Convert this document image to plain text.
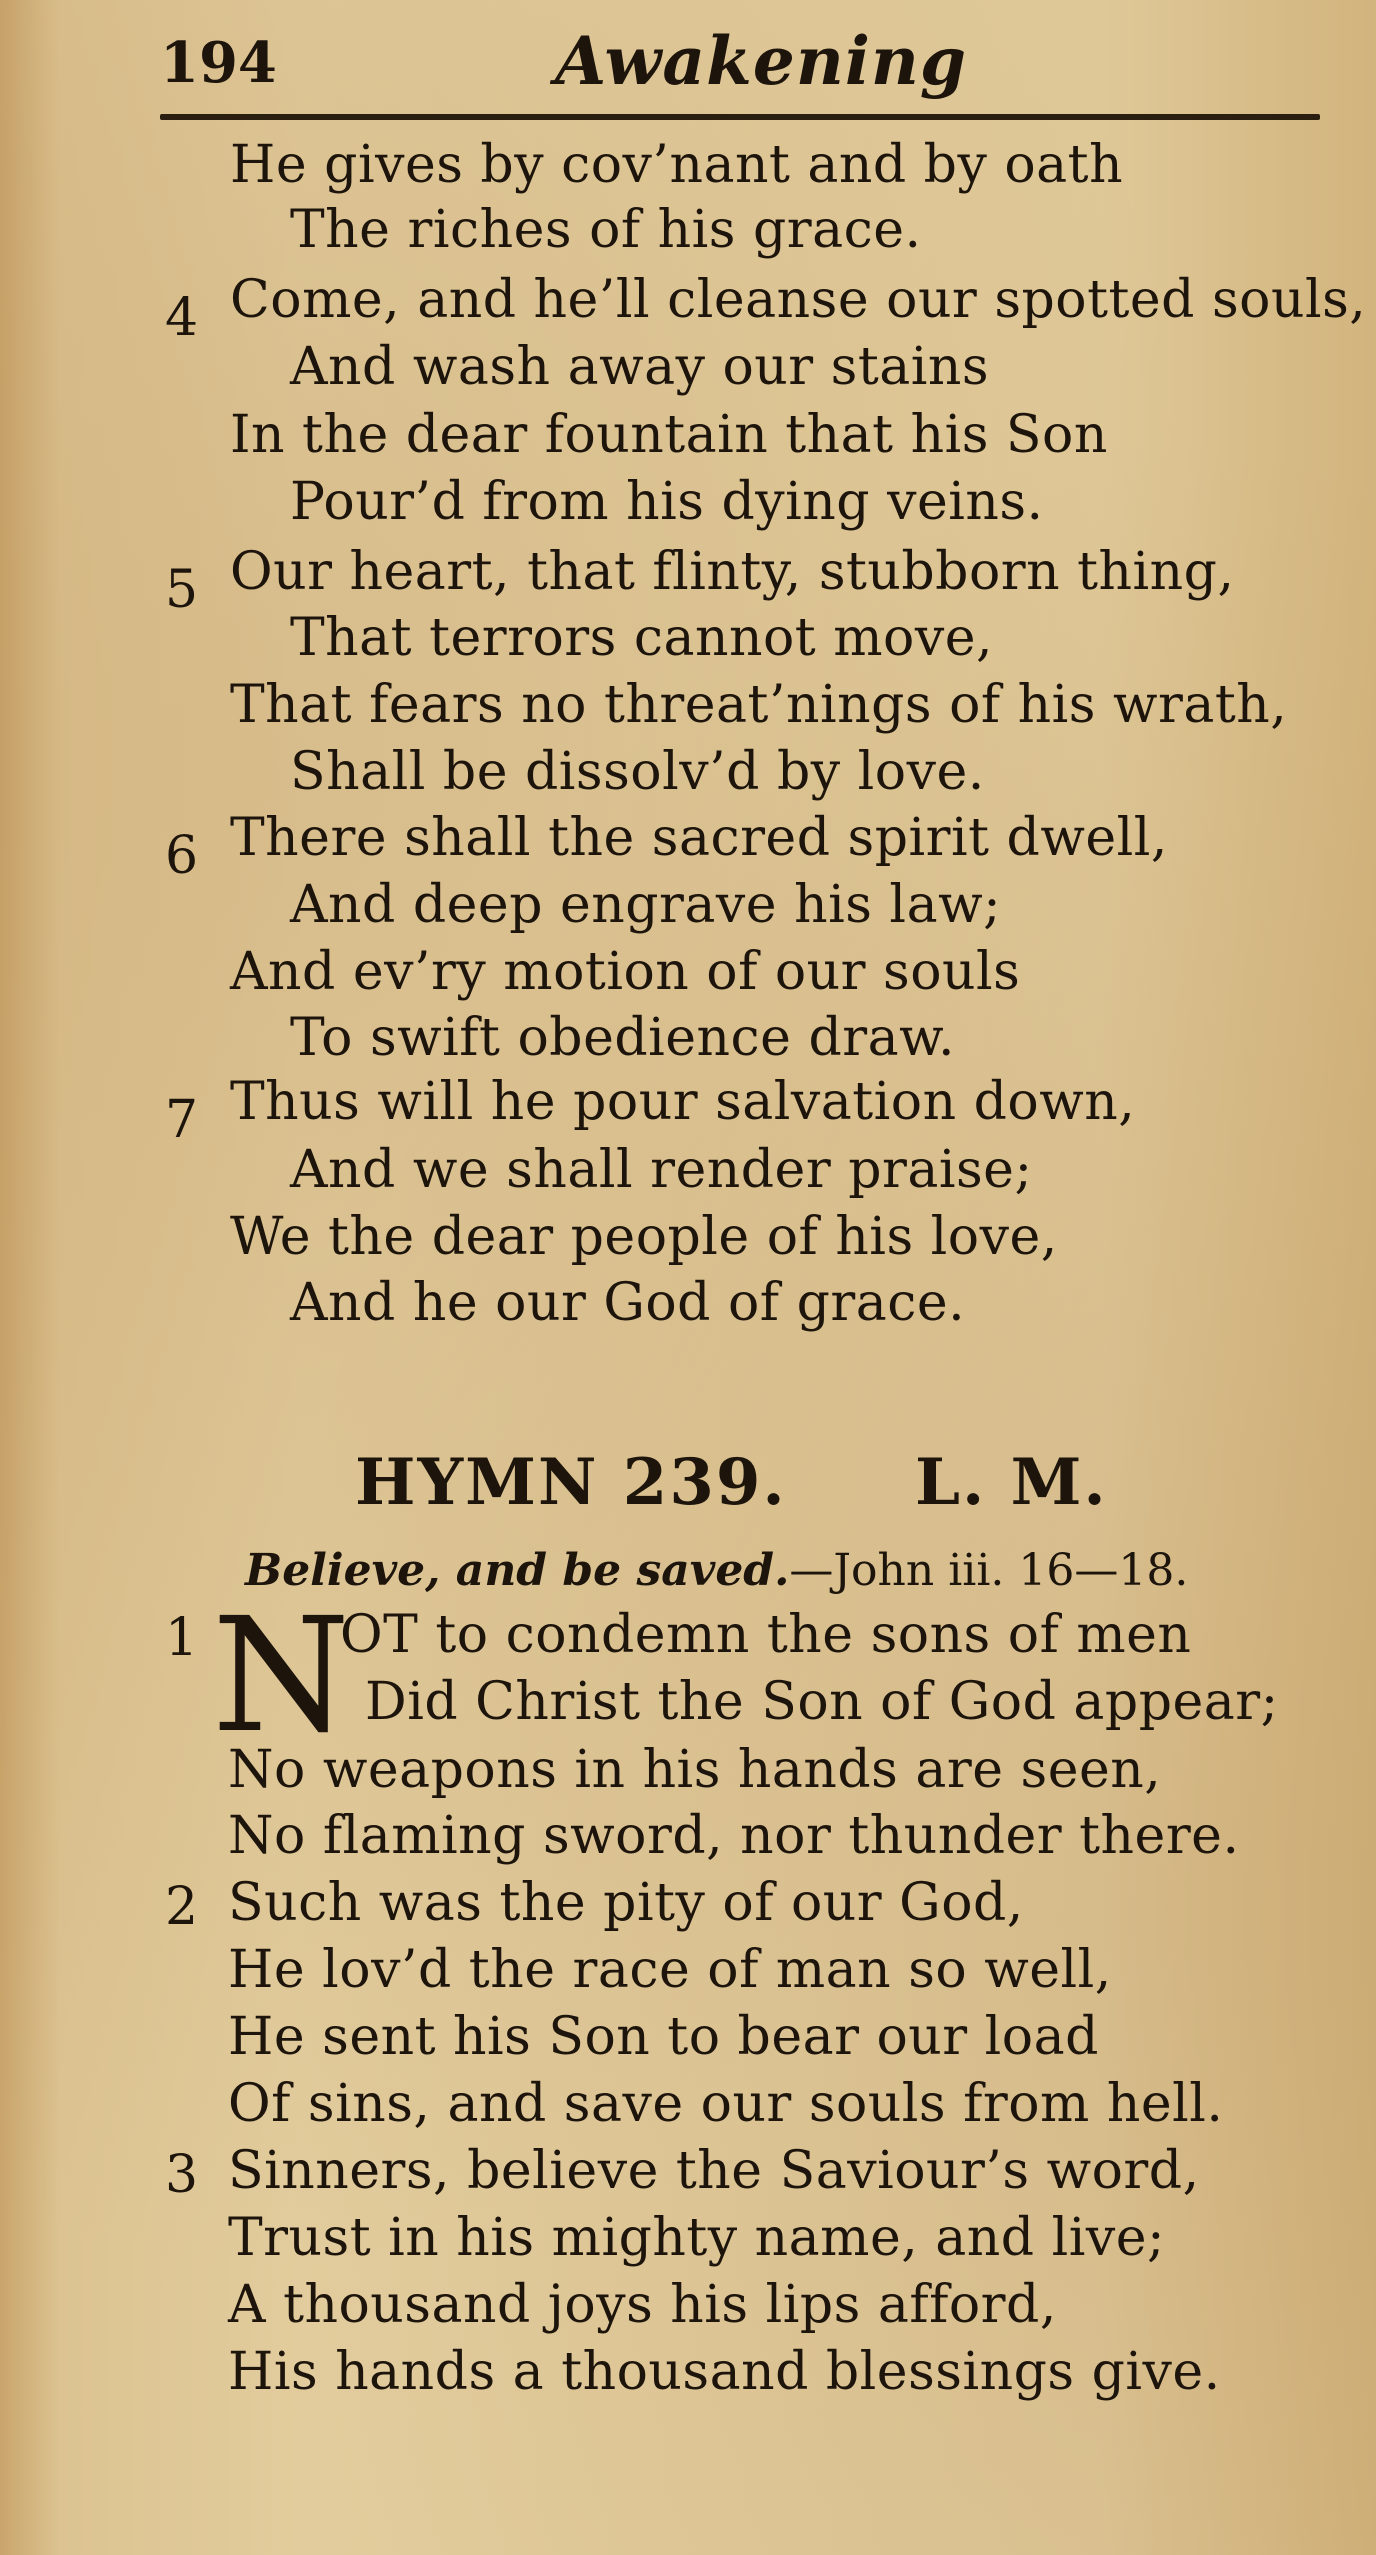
194	Awakening
4
5
6
7
He gives by cov’nant and by oath
The riches of his grace.
Come, and he’ll cleanse our spotted souls,
And wash away our stains
In the dear fountain that his Son
Pour’d from his dying veins.
Our heart, that flinty, stubborn thing,
That terrors cannot move,
That fears no threat’nings of his wrath,
Shall be dissolv’d by love.
There shall the sacred spirit dwell,
And deep engrave his law;
And ev’ry motion of our souls
To swift obedience draw.
Thus will he pour salvation down,
And we shall render praise;
We the dear people of his love,
And he our God of grace.
HYMN 239. L. M.
Believe, and be saved.—John iii. 16—18.
N
1
2
3
OT to condemn the sons of men
Did Christ the Son of God appear;
No weapons in his hands are seen,
No flaming sword, nor thunder there.
Such was the pity of our God,
He lov’d the race of man so well,
He sent his Son to bear our load
Of sins, and save our souls from hell.
Sinners, believe the Saviour’s word,
Trust in his mighty name, and live;
A thousand joys his lips afford,
His hands a thousand blessings give.
